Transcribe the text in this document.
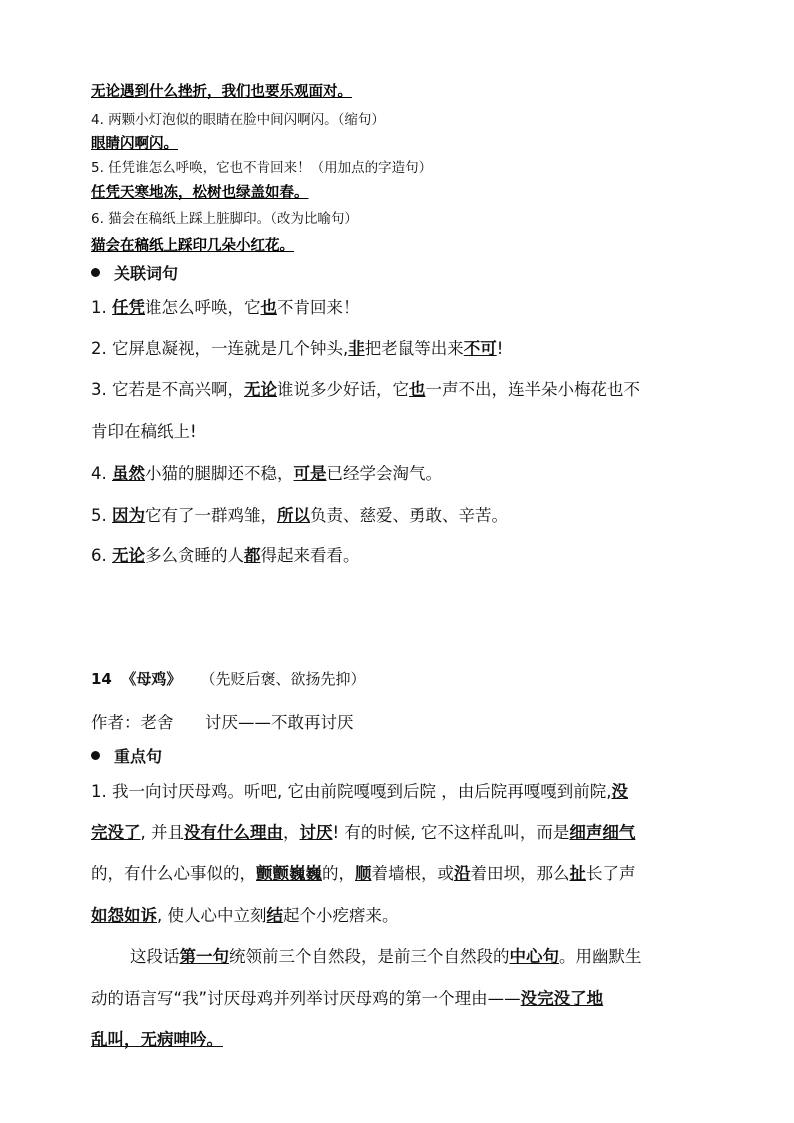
无论遇到什么挫折，我们也要乐观面对。
4. 两颗小灯泡似的眼睛在脸中间闪啊闪。（缩句）
眼睛闪啊闪。
5. 任凭谁怎么呼唤，它也不肯回来！（用加点的字造句）
任凭天寒地冻，松树也绿盖如春。
6. 猫会在稿纸上踩上脏脚印。（改为比喻句）
猫会在稿纸上踩印几朵小红花。
关联词句
1. 任凭谁怎么呼唤，它也不肯回来！
2. 它屏息凝视，一连就是几个钟头,非把老鼠等出来不可!
3. 它若是不高兴啊，无论谁说多少好话，它也一声不出，连半朵小梅花也不
肯印在稿纸上!
4. 虽然小猫的腿脚还不稳，可是已经学会淘气。
5. 因为它有了一群鸡雏，所以负责、慈爱、勇敢、辛苦。
6. 无论多么贪睡的人都得起来看看。
14 《母鸡》 （先贬后褒、欲扬先抑）
作者：老舍 讨厌——不敢再讨厌
重点句
1. 我一向讨厌母鸡。听吧, 它由前院嘎嘎到后院 ，由后院再嘎嘎到前院,没
完没了, 并且没有什么理由，讨厌! 有的时候, 它不这样乱叫，而是细声细气
的，有什么心事似的，颤颤巍巍的，顺着墙根，或沿着田坝，那么扯长了声
如怨如诉, 使人心中立刻结起个小疙瘩来。
这段话第一句统领前三个自然段，是前三个自然段的中心句。用幽默生
动的语言写“我”讨厌母鸡并列举讨厌母鸡的第一个理由——没完没了地
乱叫，无病呻吟。
